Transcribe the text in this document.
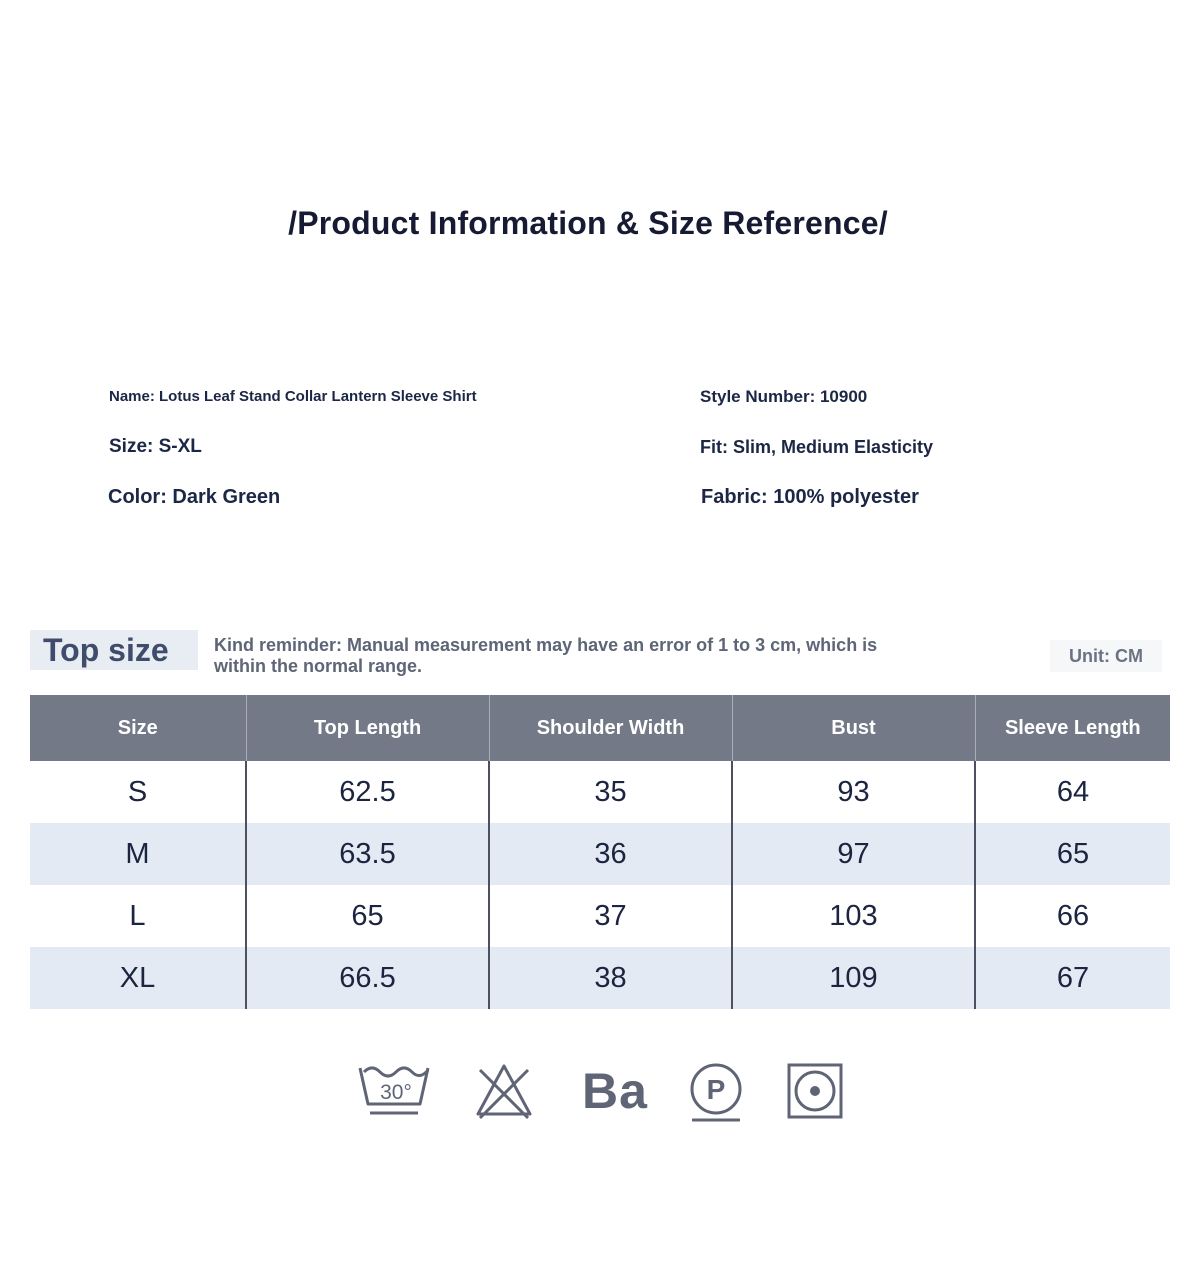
/Product Information & Size Reference/
Name: Lotus Leaf Stand Collar Lantern Sleeve Shirt	Style Number: 10900
Size: S-XL	Fit: Slim, Medium Elasticity
Color: Dark Green	Fabric: 100% polyester
Top size	Kind reminder: Manual measurement may have an error of 1 to 3 cm, which is within the normal range.
Unit: CM
Size	Top Length	Shoulder Width	Bust	Sleeve Length
S	62.5	35	93	64
M	63.5	36	97	65
L	65	37	103	66
XL	66.5	38	109	67
30°	Ba P
